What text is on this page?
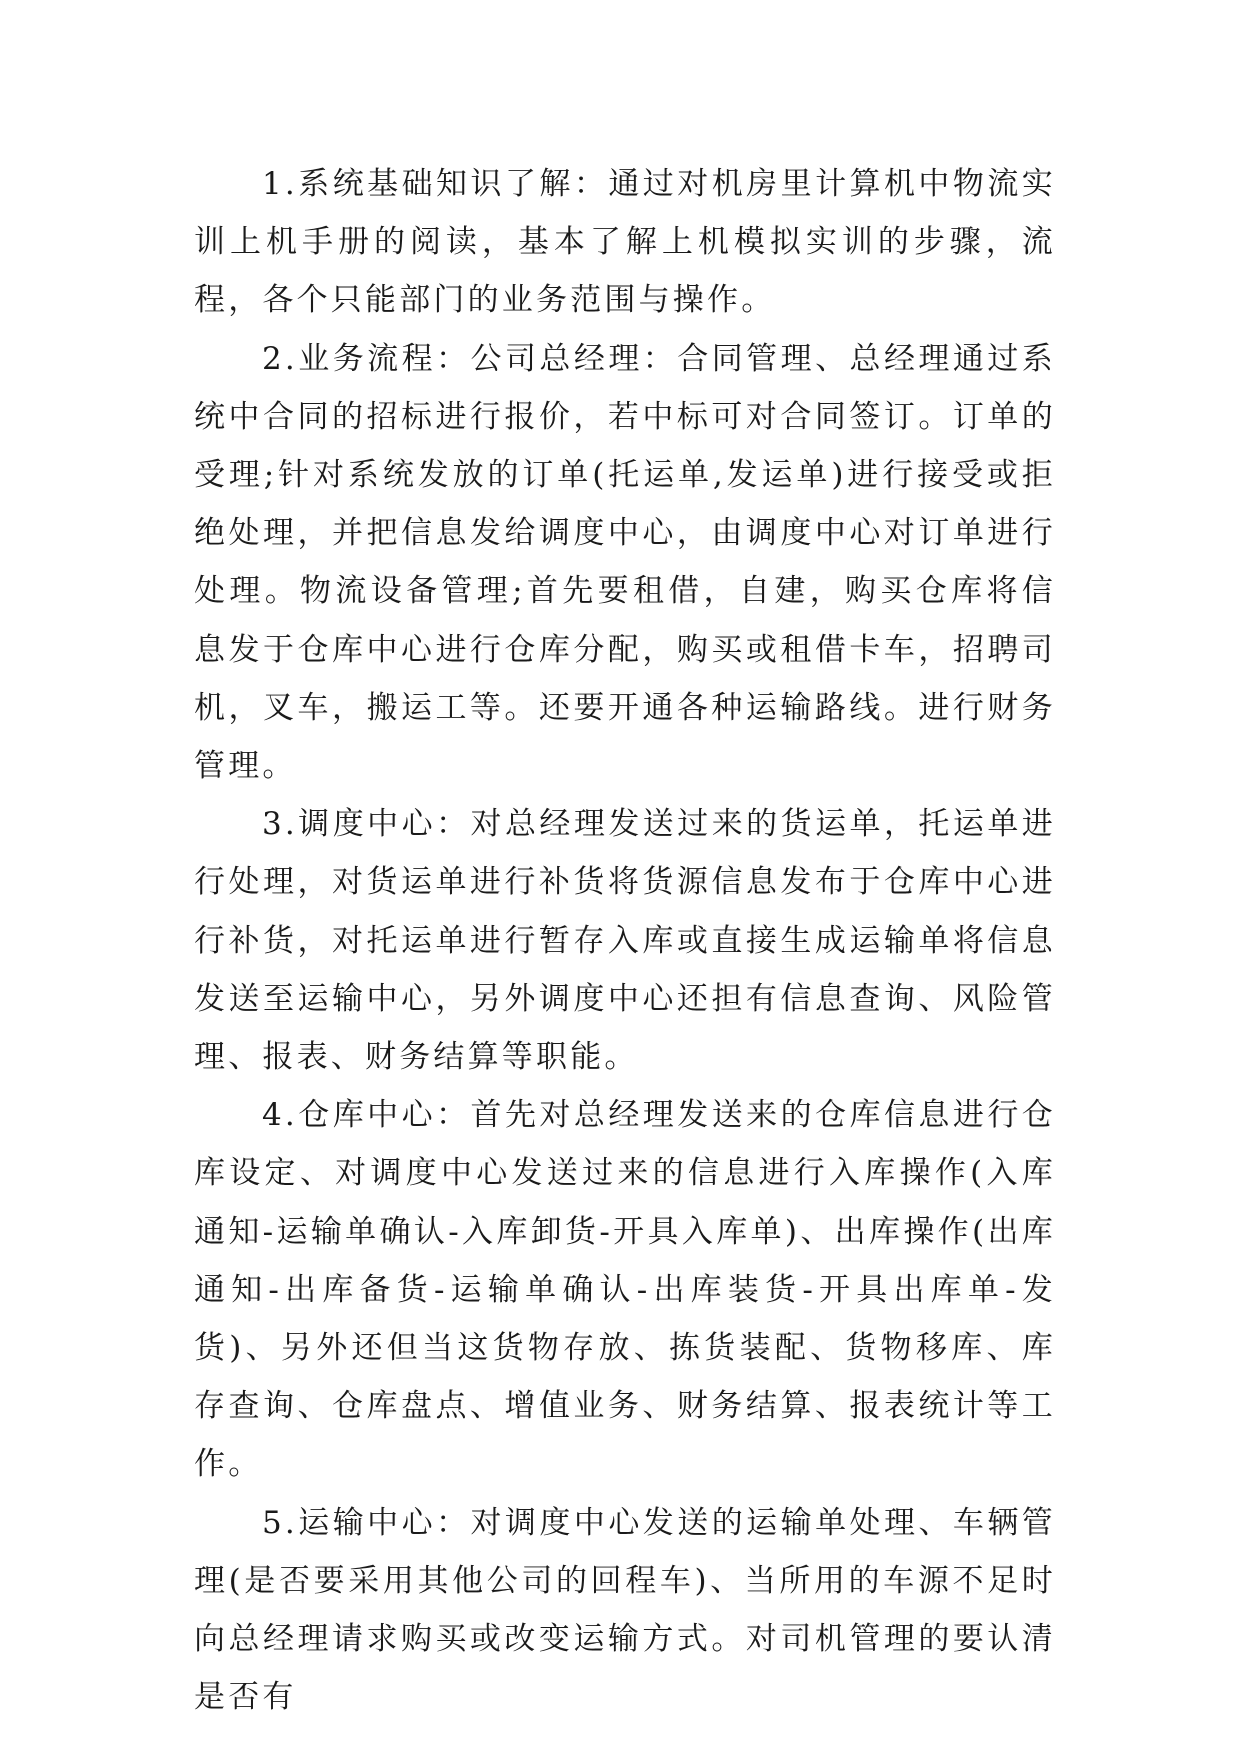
1.系统基础知识了解：通过对机房里计算机中物流实训上机手册的阅读，基本了解上机模拟实训的步骤，流程，各个只能部门的业务范围与操作。

2.业务流程：公司总经理：合同管理、总经理通过系统中合同的招标进行报价，若中标可对合同签订。订单的受理;针对系统发放的订单(托运单,发运单)进行接受或拒绝处理，并把信息发给调度中心，由调度中心对订单进行处理。物流设备管理;首先要租借，自建，购买仓库将信息发于仓库中心进行仓库分配，购买或租借卡车，招聘司机，叉车，搬运工等。还要开通各种运输路线。进行财务管理。

3.调度中心：对总经理发送过来的货运单，托运单进行处理，对货运单进行补货将货源信息发布于仓库中心进行补货，对托运单进行暂存入库或直接生成运输单将信息发送至运输中心，另外调度中心还担有信息查询、风险管理、报表、财务结算等职能。

4.仓库中心：首先对总经理发送来的仓库信息进行仓库设定、对调度中心发送过来的信息进行入库操作(入库通知-运输单确认-入库卸货-开具入库单)、出库操作(出库通知-出库备货-运输单确认-出库装货-开具出库单-发货)、另外还但当这货物存放、拣货装配、货物移库、库存查询、仓库盘点、增值业务、财务结算、报表统计等工作。

5.运输中心：对调度中心发送的运输单处理、车辆管理(是否要采用其他公司的回程车)、当所用的车源不足时向总经理请求购买或改变运输方式。对司机管理的要认清是否有
